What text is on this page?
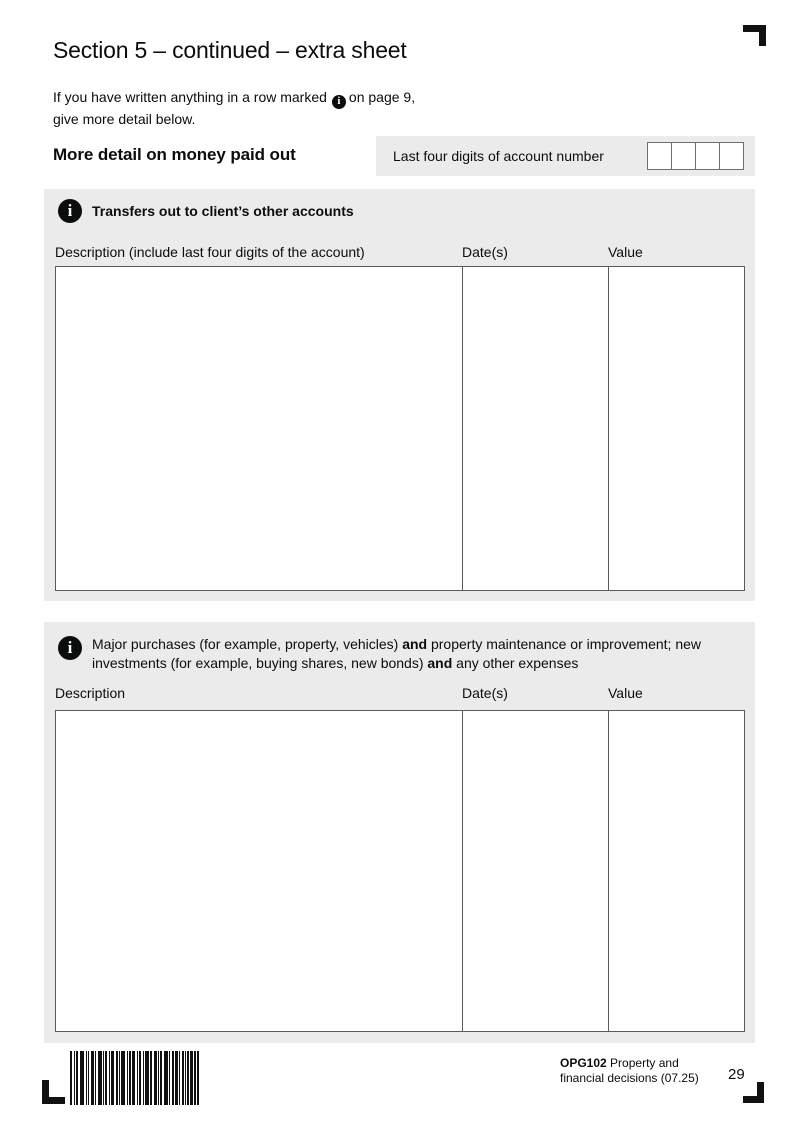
Section 5 – continued – extra sheet

If you have written anything in a row marked i on page 9,
give more detail below.

More detail on money paid out	Last four digits of account number
i Transfers out to client’s other accounts
Description (include last four digits of the account)	Date(s)	Value
i Major purchases (for example, property, vehicles) and property maintenance or improvement; new investments (for example, buying shares, new bonds) and any other expenses
Description	Date(s)	Value

OPG102 Property and
financial decisions (07.25) 29
